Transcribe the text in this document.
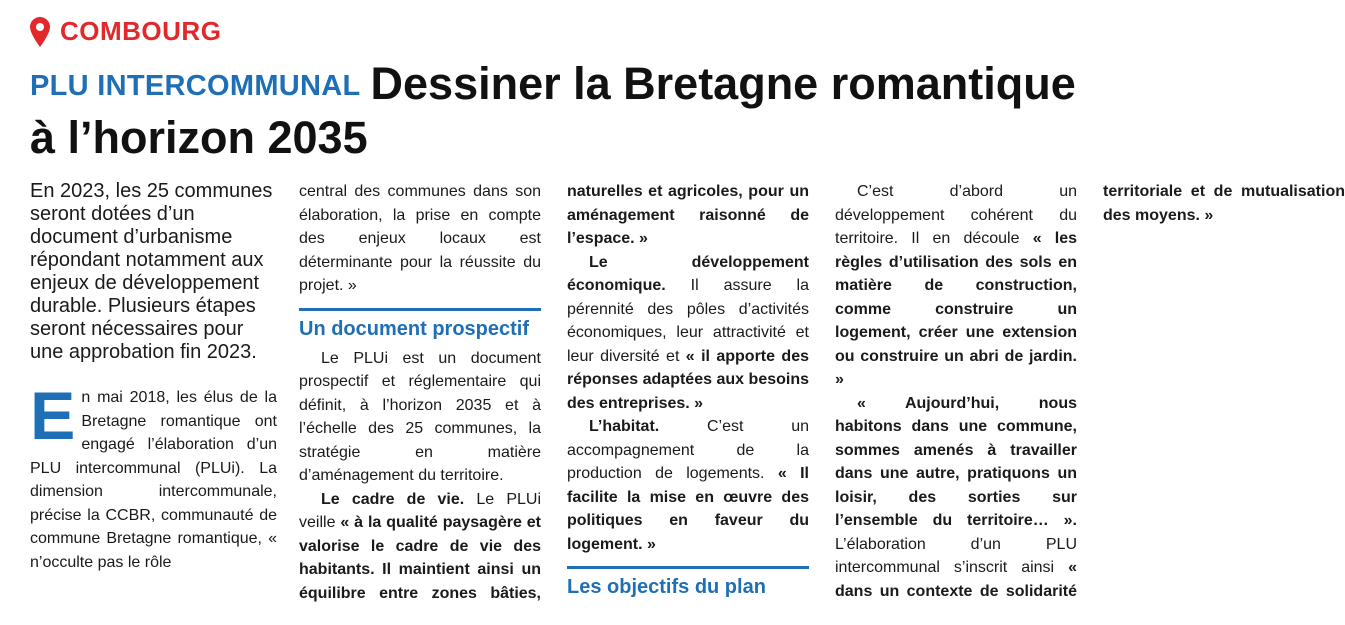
COMBOURG
PLU INTERCOMMUNAL Dessiner la Bretagne romantique à l’horizon 2035

En 2023, les 25 communes seront dotées d’un document d’urbanisme répondant notamment aux enjeux de développement durable. Plusieurs étapes seront nécessaires pour une approbation fin 2023.

En mai 2018, les élus de la Bretagne romantique ont engagé l’élaboration d’un PLU intercommunal (PLUi). La dimension intercommunale, précise la CCBR, communauté de commune Bretagne romantique, « n’occulte pas le rôle

central des communes dans son élaboration, la prise en compte des enjeux locaux est déterminante pour la réussite du projet. »

Un document prospectif

Le PLUi est un document prospectif et réglementaire qui définit, à l’horizon 2035 et à l’échelle des 25 communes, la stratégie en matière d’aménagement du territoire.

Le cadre de vie. Le PLUi veille « à la qualité paysagère et valorise le cadre de vie des habitants. Il maintient ainsi un équilibre entre zones bâties, naturelles et agricoles, pour un aménagement raisonné de l’espace. »

Le développement économique. Il assure la pérennité des pôles d’activités économiques, leur attractivité et leur diversité et « il apporte des réponses adaptées aux besoins des entreprises. »

L’habitat. C’est un accompagnement de la production de logements. « Il facilite la mise en œuvre des politiques en faveur du logement. »

Les objectifs du plan

C’est d’abord un développement cohérent du territoire. Il en découle « les règles d’utilisation des sols en matière de construction, comme construire un logement, créer une extension ou construire un abri de jardin. »

« Aujourd’hui, nous habitons dans une commune, sommes amenés à travailler dans une autre, pratiquons un loisir, des sorties sur l’ensemble du territoire… ». L’élaboration d’un PLU intercommunal s’inscrit ainsi « dans un contexte de solidarité territoriale et de mutualisation des moyens. »
